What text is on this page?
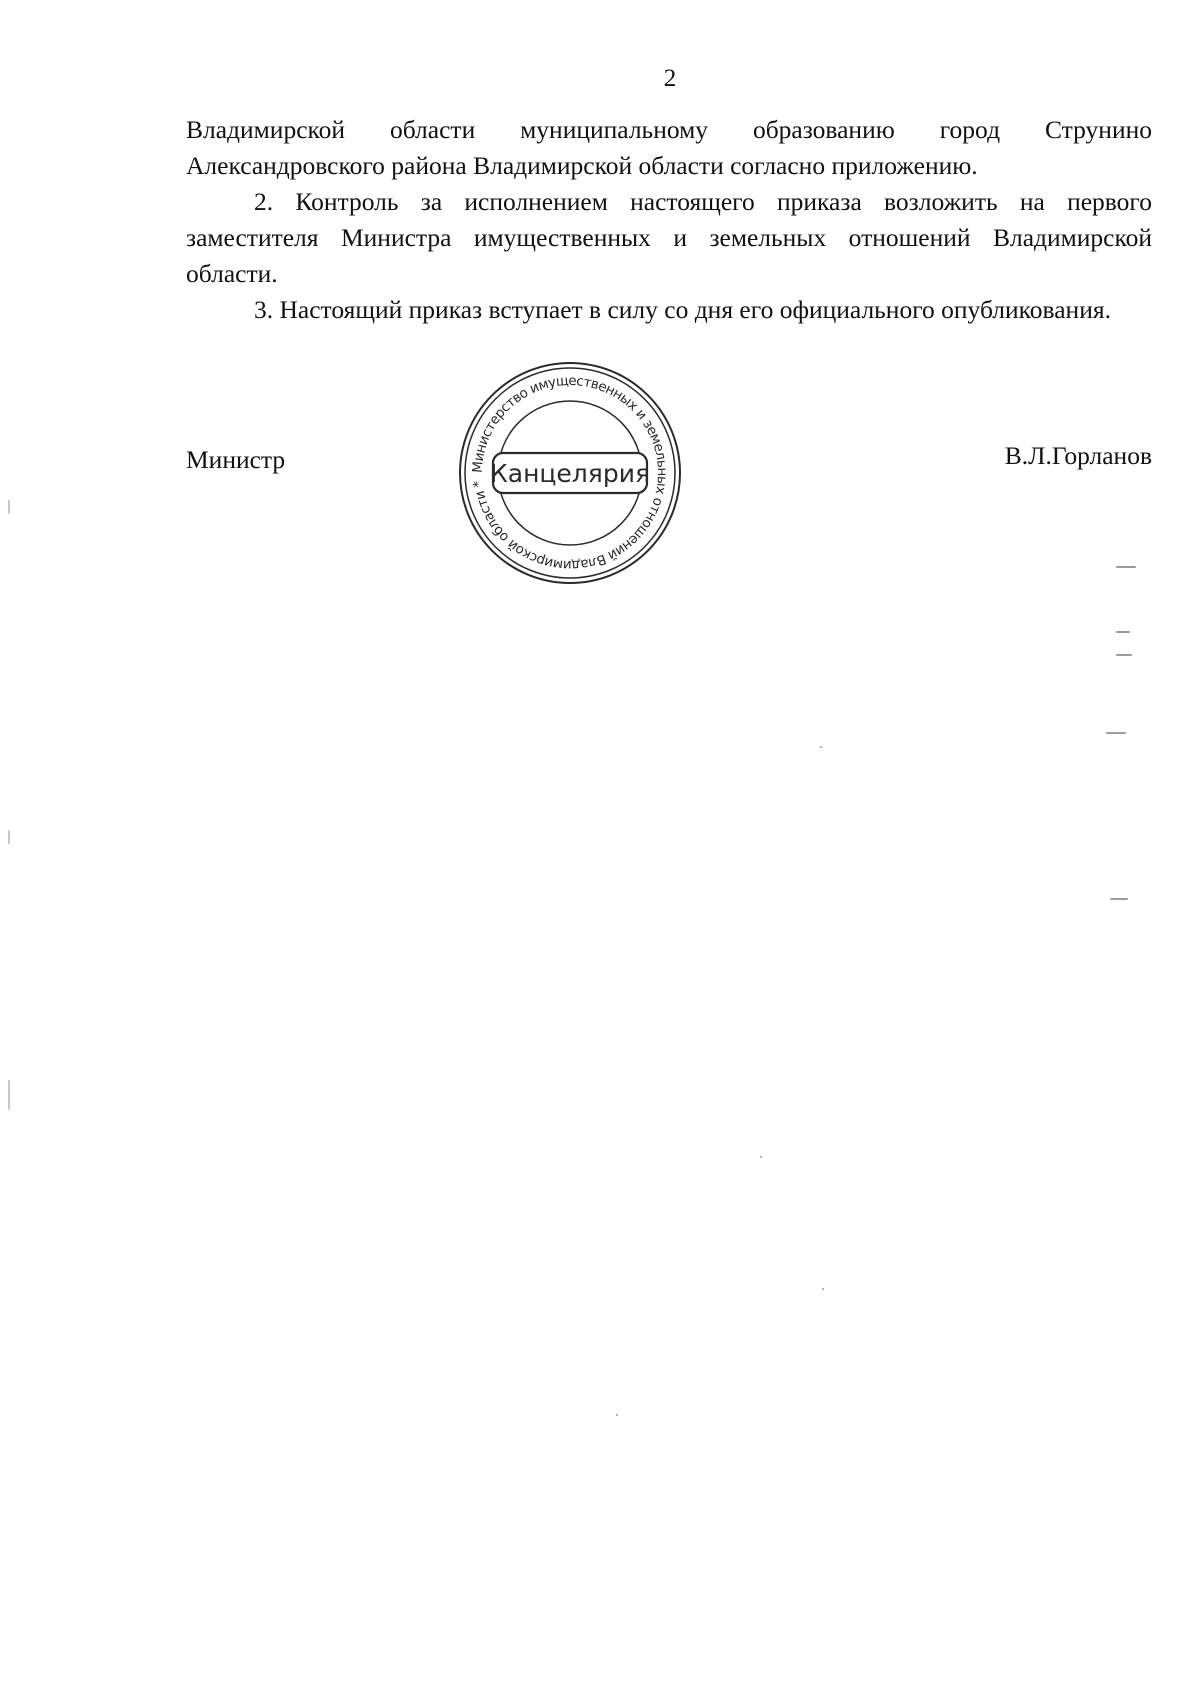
2

Владимирской области муниципальному образованию город Струнино Александровского района Владимирской области согласно приложению.

2. Контроль за исполнением настоящего приказа возложить на первого заместителя Министра имущественных и земельных отношений Владимирской области.

3. Настоящий приказ вступает в силу со дня его официального опубликования.

Министр	В.Л.Горланов
Министерство имущественных и земельных отношений Владимирской области * Канцелярия
